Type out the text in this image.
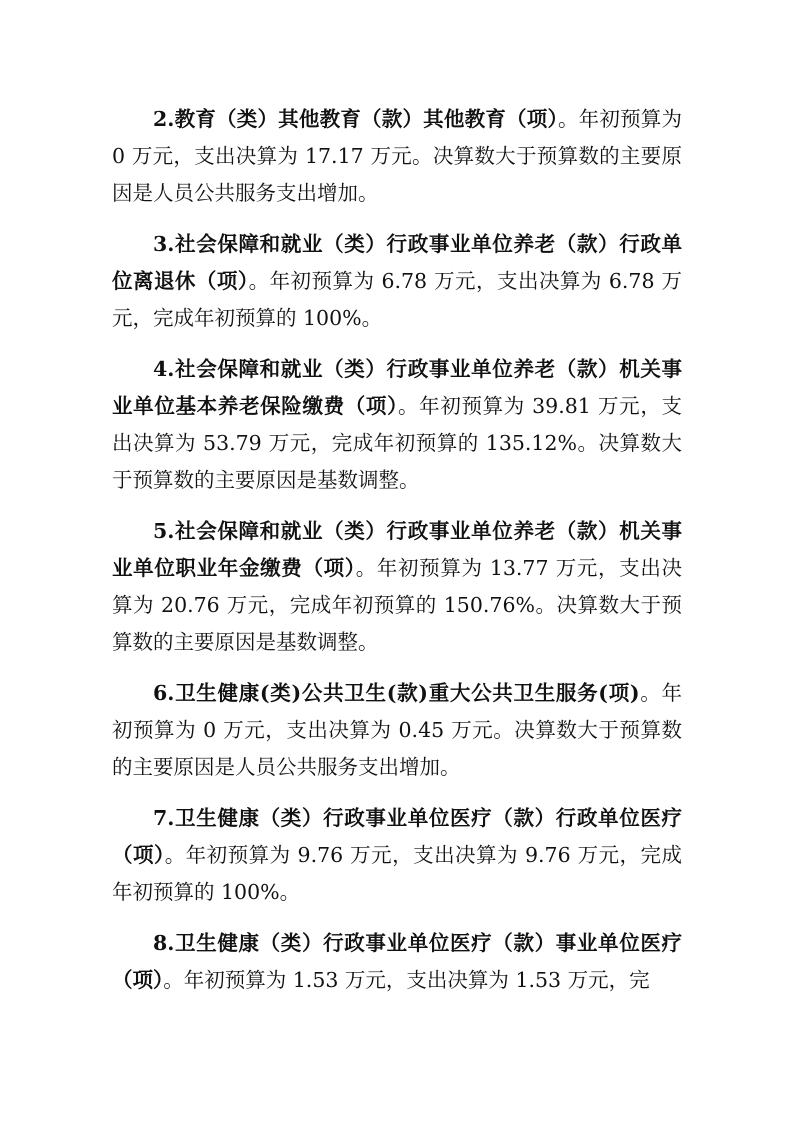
2.教育（类）其他教育（款）其他教育（项）。年初预算为 0 万元，支出决算为 17.17 万元。决算数大于预算数的主要原因是人员公共服务支出增加。

3.社会保障和就业（类）行政事业单位养老（款）行政单位离退休（项）。年初预算为 6.78 万元，支出决算为 6.78 万元，完成年初预算的 100%。

4.社会保障和就业（类）行政事业单位养老（款）机关事业单位基本养老保险缴费（项）。年初预算为 39.81 万元，支出决算为 53.79 万元，完成年初预算的 135.12%。决算数大于预算数的主要原因是基数调整。

5.社会保障和就业（类）行政事业单位养老（款）机关事业单位职业年金缴费（项）。年初预算为 13.77 万元，支出决算为 20.76 万元，完成年初预算的 150.76%。决算数大于预算数的主要原因是基数调整。

6.卫生健康(类)公共卫生(款)重大公共卫生服务(项)。年初预算为 0 万元，支出决算为 0.45 万元。决算数大于预算数的主要原因是人员公共服务支出增加。

7.卫生健康（类）行政事业单位医疗（款）行政单位医疗（项）。年初预算为 9.76 万元，支出决算为 9.76 万元，完成年初预算的 100%。

8.卫生健康（类）行政事业单位医疗（款）事业单位医疗（项）。年初预算为 1.53 万元，支出决算为 1.53 万元，完
